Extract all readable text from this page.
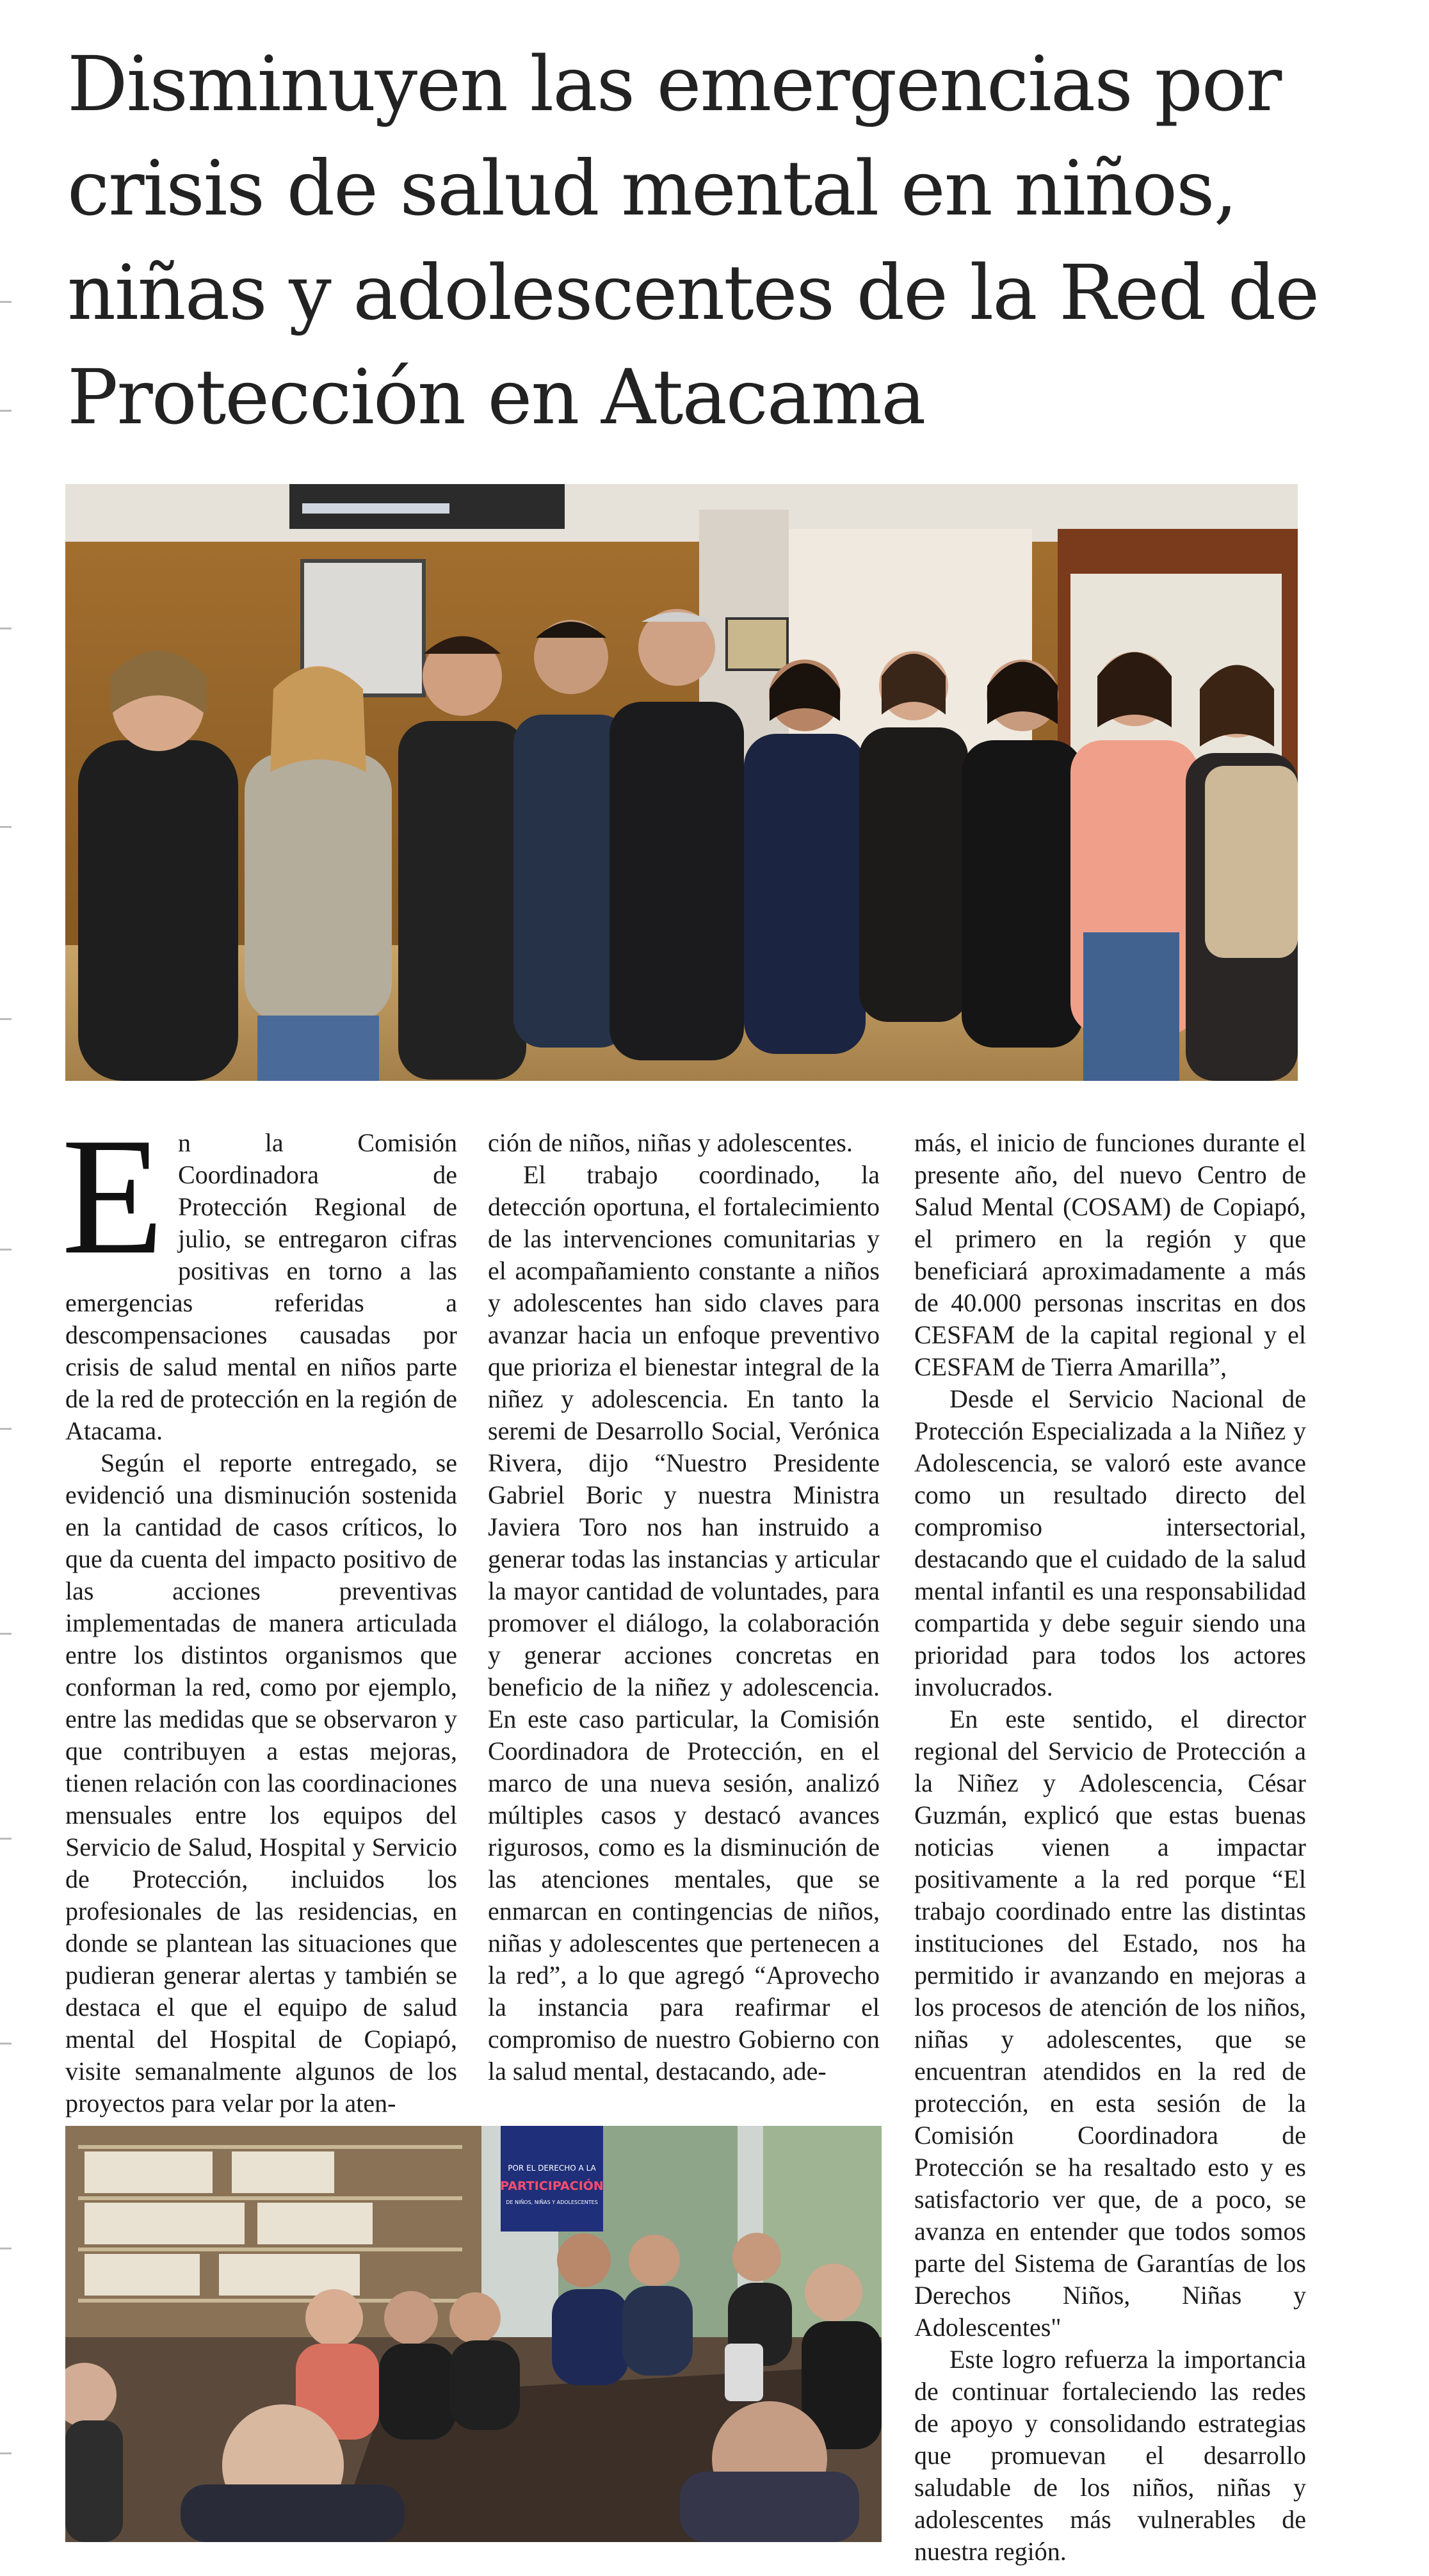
Disminuyen las emergencias por crisis de salud mental en niños, niñas y adolescentes de la Red de Protección en Atacama
E n la Comisión Coordinadora de Protección Regional de julio, se entregaron cifras positivas en torno a las emergencias referidas a descompensaciones causadas por crisis de salud mental en niños parte de la red de protección en la región de Atacama.

Según el reporte entregado, se evidenció una disminución sostenida en la cantidad de casos críticos, lo que da cuenta del impacto positivo de las acciones preventivas implementadas de manera articulada entre los distintos organismos que conforman la red, como por ejemplo, entre las medidas que se observaron y que contribuyen a estas mejoras, tienen relación con las coordinaciones mensuales entre los equipos del Servicio de Salud, Hospital y Servicio de Protección, incluidos los profesionales de las residencias, en donde se plantean las situaciones que pudieran generar alertas y también se destaca el que el equipo de salud mental del Hospital de Copiapó, visite semanalmente algunos de los proyectos para velar por la aten-

ción de niños, niñas y adolescentes.

El trabajo coordinado, la detección oportuna, el fortalecimiento de las intervenciones comunitarias y el acompañamiento constante a niños y adolescentes han sido claves para avanzar hacia un enfoque preventivo que prioriza el bienestar integral de la niñez y adolescencia. En tanto la seremi de Desarrollo Social, Verónica Rivera, dijo “Nuestro Presidente Gabriel Boric y nuestra Ministra Javiera Toro nos han instruido a generar todas las instancias y articular la mayor cantidad de voluntades, para promover el diálogo, la colaboración y generar acciones concretas en beneficio de la niñez y adolescencia. En este caso particular, la Comisión Coordinadora de Protección, en el marco de una nueva sesión, analizó múltiples casos y destacó avances rigurosos, como es la disminución de las atenciones mentales, que se enmarcan en contingencias de niños, niñas y adolescentes que pertenecen a la red”, a lo que agregó “Aprovecho la instancia para reafirmar el compromiso de nuestro Gobierno con la salud mental, destacando, ade-

más, el inicio de funciones durante el presente año, del nuevo Centro de Salud Mental (COSAM) de Copiapó, el primero en la región y que beneficiará aproximadamente a más de 40.000 personas inscritas en dos CESFAM de la capital regional y el CESFAM de Tierra Amarilla”,

Desde el Servicio Nacional de Protección Especializada a la Niñez y Adolescencia, se valoró este avance como un resultado directo del compromiso intersectorial, destacando que el cuidado de la salud mental infantil es una responsabilidad compartida y debe seguir siendo una prioridad para todos los actores involucrados.

En este sentido, el director regional del Servicio de Protección a la Niñez y Adolescencia, César Guzmán, explicó que estas buenas noticias vienen a impactar positivamente a la red porque “El trabajo coordinado entre las distintas instituciones del Estado, nos ha permitido ir avanzando en mejoras a los procesos de atención de los niños, niñas y adolescentes, que se encuentran atendidos en la red de protección, en esta sesión de la Comisión Coordinadora de Protección se ha resaltado esto y es satisfactorio ver que, de a poco, se avanza en entender que todos somos parte del Sistema de Garantías de los Derechos Niños, Niñas y Adolescentes"

Este logro refuerza la importancia de continuar fortaleciendo las redes de apoyo y consolidando estrategias que promuevan el desarrollo saludable de los niños, niñas y adolescentes más vulnerables de nuestra región.

POR EL DERECHO A LA
PARTICIPACIÓN
DE NIÑOS, NIÑAS Y ADOLESCENTES
